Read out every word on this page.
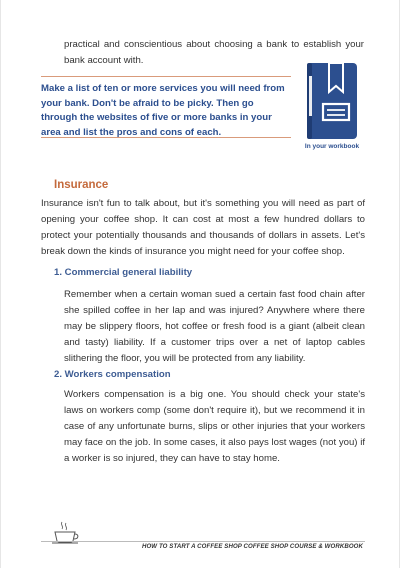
practical and conscientious about choosing a bank to establish your bank account with.
Make a list of ten or more services you will need from your bank. Don't be afraid to be picky. Then go through the websites of five or more banks in your area and list the pros and cons of each.
In your workbook
Insurance
Insurance isn't fun to talk about, but it's something you will need as part of opening your coffee shop. It can cost at most a few hundred dollars to protect your potentially thousands and thousands of dollars in assets. Let's break down the kinds of insurance you might need for your coffee shop.
1. Commercial general liability
Remember when a certain woman sued a certain fast food chain after she spilled coffee in her lap and was injured? Anywhere where there may be slippery floors, hot coffee or fresh food is a giant (albeit clean and tasty) liability. If a customer trips over a net of laptop cables slithering the floor, you will be protected from any liability.
2. Workers compensation
Workers compensation is a big one. You should check your state's laws on workers comp (some don't require it), but we recommend it in case of any unfortunate burns, slips or other injuries that your workers may face on the job. In some cases, it also pays lost wages (not you) if a worker is so injured, they can have to stay home.
HOW TO START A COFFEE SHOP COFFEE SHOP COURSE & WORKBOOK
